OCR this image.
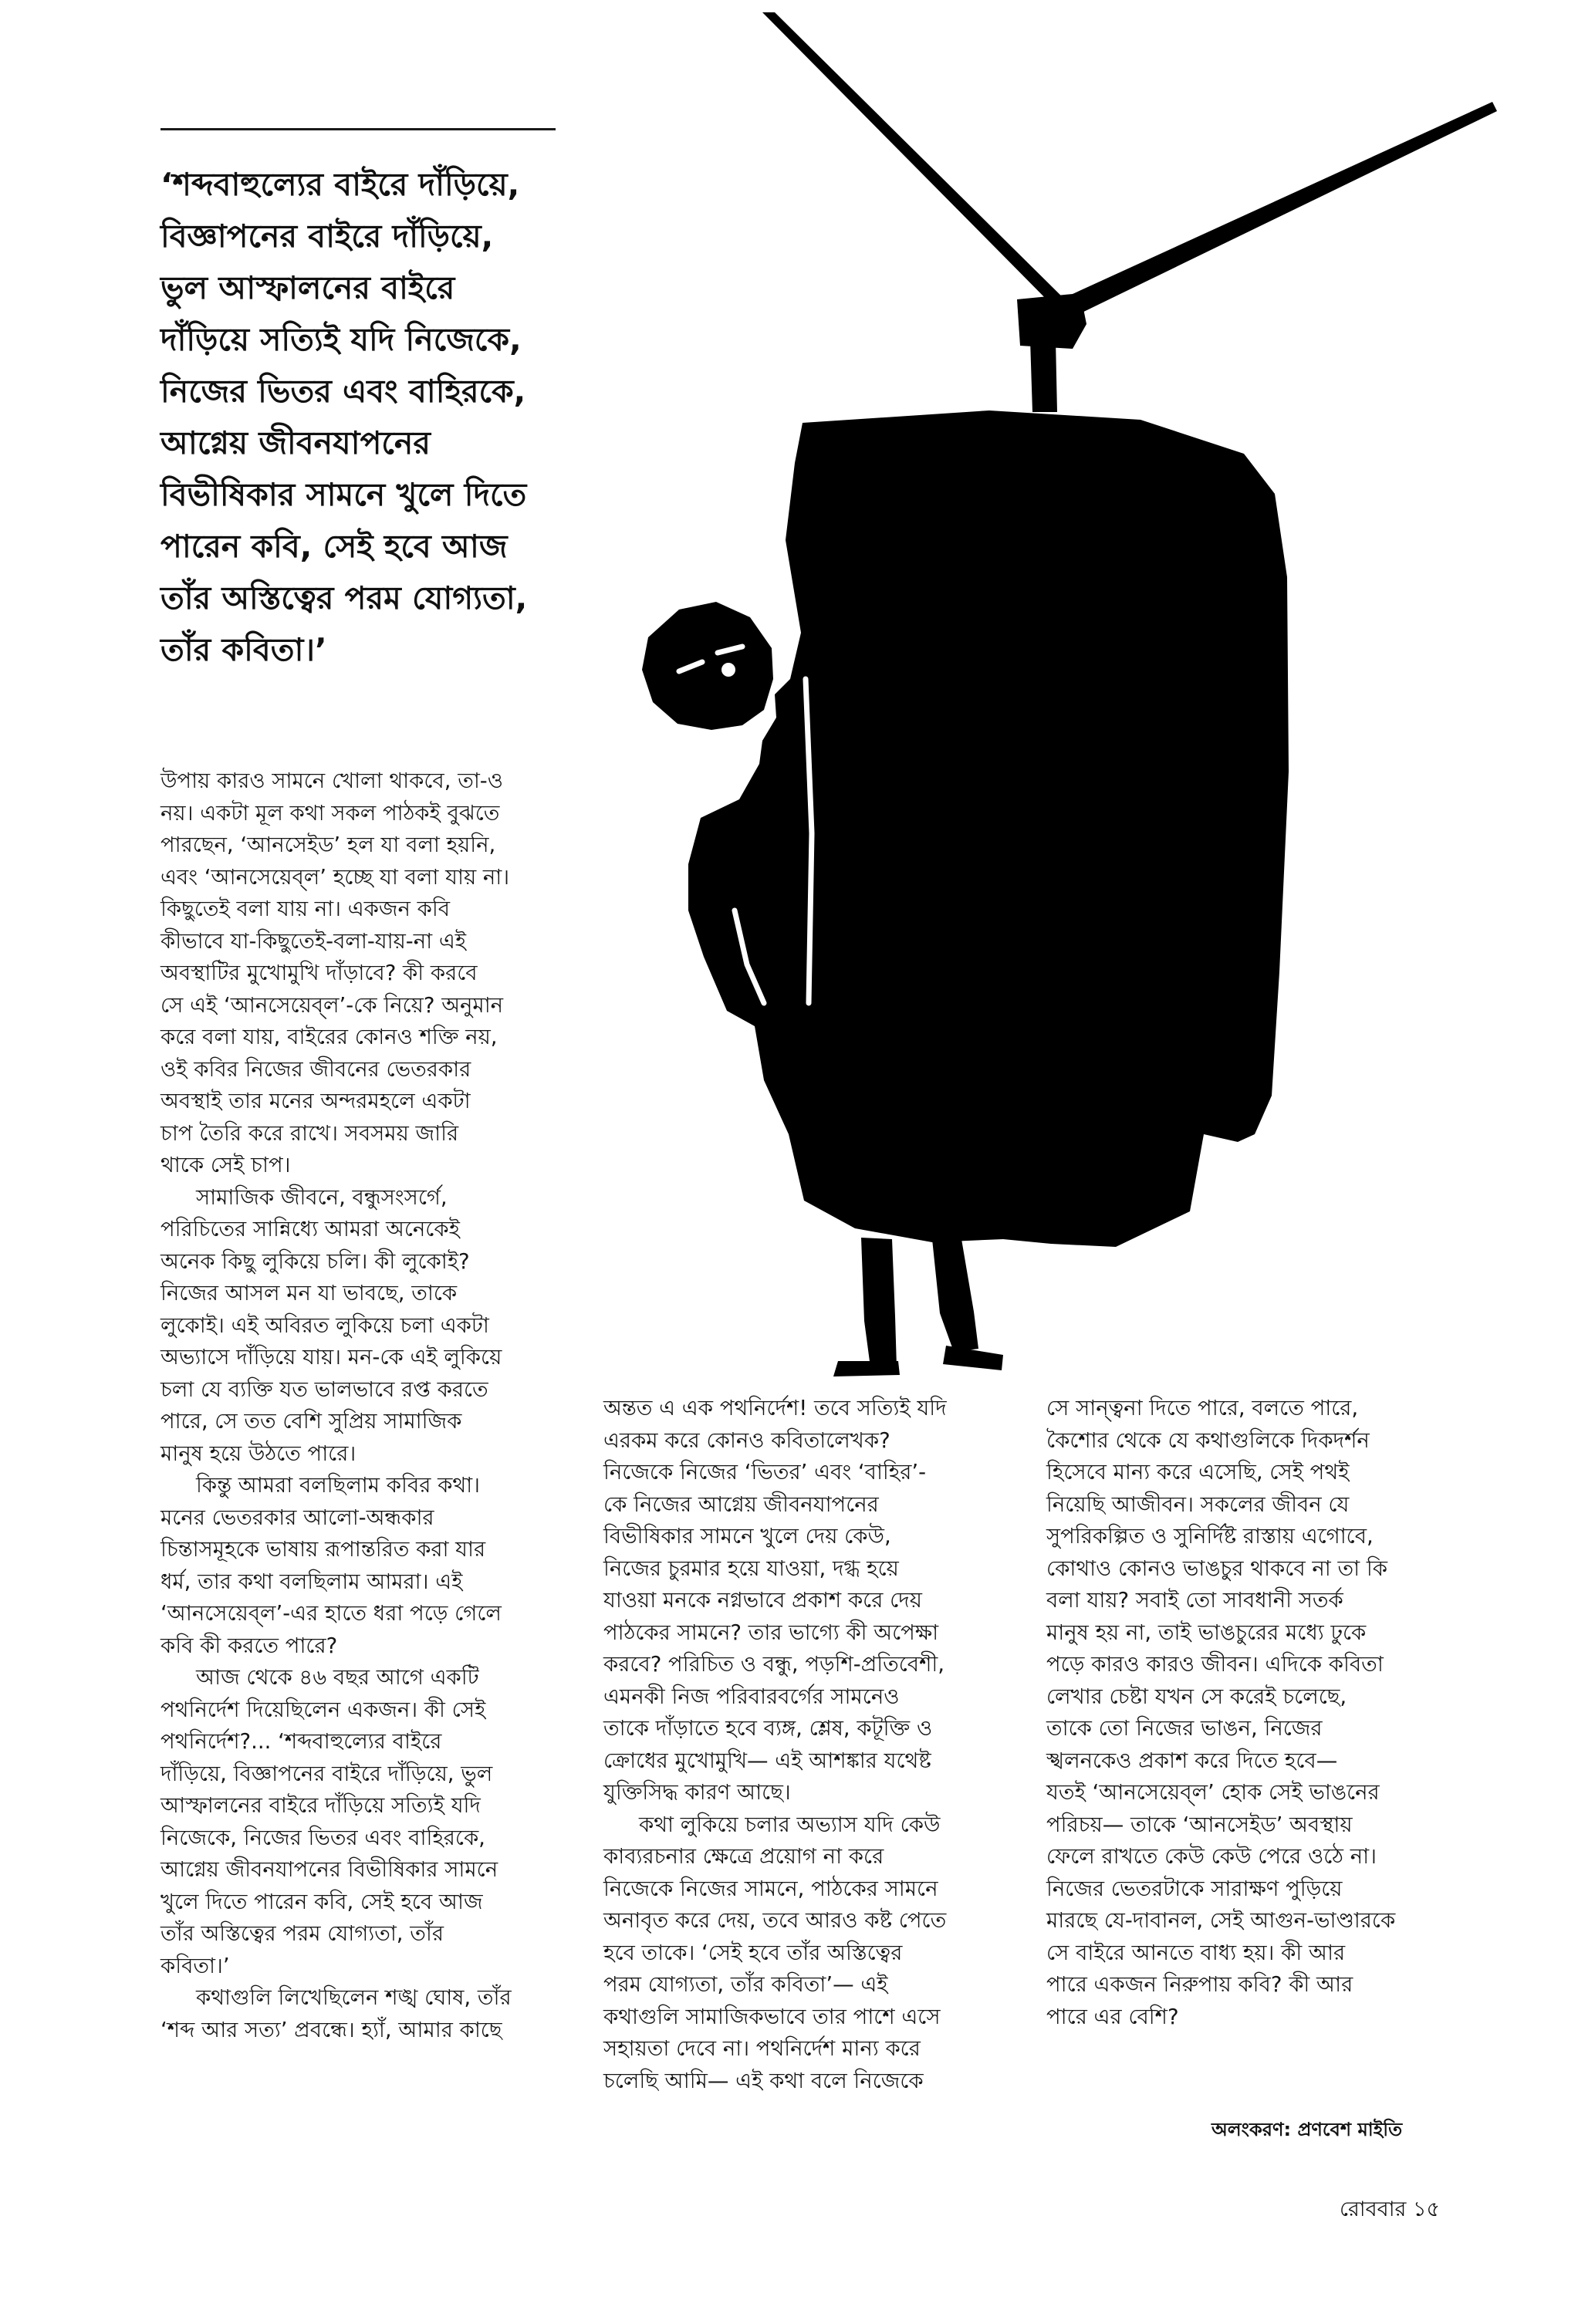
‘শব্দবাহুল্যের বাইরে দাঁড়িয়ে,
বিজ্ঞাপনের বাইরে দাঁড়িয়ে,
ভুল আস্ফালনের বাইরে
দাঁড়িয়ে সত্যিই যদি নিজেকে,
নিজের ভিতর এবং বাহিরকে,
আগ্নেয় জীবনযাপনের
বিভীষিকার সামনে খুলে দিতে
পারেন কবি, সেই হবে আজ
তাঁর অস্তিত্বের পরম যোগ্যতা,
তাঁর কবিতা।’
উপায় কারও সামনে খোলা থাকবে, তা-ও
নয়। একটা মূল কথা সকল পাঠকই বুঝতে
পারছেন, ‘আনসেইড’ হল যা বলা হয়নি,
এবং ‘আনসেয়েব্‌ল’ হচ্ছে যা বলা যায় না।
কিছুতেই বলা যায় না। একজন কবি
কীভাবে যা-কিছুতেই-বলা-যায়-না এই
অবস্থাটির মুখোমুখি দাঁড়াবে? কী করবে
সে এই ‘আনসেয়েব্‌ল’-কে নিয়ে? অনুমান
করে বলা যায়, বাইরের কোনও শক্তি নয়,
ওই কবির নিজের জীবনের ভেতরকার
অবস্থাই তার মনের অন্দরমহলে একটা
চাপ তৈরি করে রাখে। সবসময় জারি
থাকে সেই চাপ।
সামাজিক জীবনে, বন্ধুসংসর্গে,
পরিচিতের সান্নিধ্যে আমরা অনেকেই
অনেক কিছু লুকিয়ে চলি। কী লুকোই?
নিজের আসল মন যা ভাবছে, তাকে
লুকোই। এই অবিরত লুকিয়ে চলা একটা
অভ্যাসে দাঁড়িয়ে যায়। মন-কে এই লুকিয়ে
চলা যে ব্যক্তি যত ভালভাবে রপ্ত করতে
পারে, সে তত বেশি সুপ্রিয় সামাজিক
মানুষ হয়ে উঠতে পারে।
কিন্তু আমরা বলছিলাম কবির কথা।
মনের ভেতরকার আলো-অন্ধকার
চিন্তাসমূহকে ভাষায় রূপান্তরিত করা যার
ধর্ম, তার কথা বলছিলাম আমরা। এই
‘আনসেয়েব্‌ল’-এর হাতে ধরা পড়ে গেলে
কবি কী করতে পারে?
আজ থেকে ৪৬ বছর আগে একটি
পথনির্দেশ দিয়েছিলেন একজন। কী সেই
পথনির্দেশ?... ‘শব্দবাহুল্যের বাইরে
দাঁড়িয়ে, বিজ্ঞাপনের বাইরে দাঁড়িয়ে, ভুল
আস্ফালনের বাইরে দাঁড়িয়ে সত্যিই যদি
নিজেকে, নিজের ভিতর এবং বাহিরকে,
আগ্নেয় জীবনযাপনের বিভীষিকার সামনে
খুলে দিতে পারেন কবি, সেই হবে আজ
তাঁর অস্তিত্বের পরম যোগ্যতা, তাঁর
কবিতা।’
কথাগুলি লিখেছিলেন শঙ্খ ঘোষ, তাঁর
‘শব্দ আর সত্য’ প্রবন্ধে। হ্যাঁ, আমার কাছে
অন্তত এ এক পথনির্দেশ! তবে সত্যিই যদি
এরকম করে কোনও কবিতালেখক?
নিজেকে নিজের ‘ভিতর’ এবং ‘বাহির’-
কে নিজের আগ্নেয় জীবনযাপনের
বিভীষিকার সামনে খুলে দেয় কেউ,
নিজের চুরমার হয়ে যাওয়া, দগ্ধ হয়ে
যাওয়া মনকে নগ্নভাবে প্রকাশ করে দেয়
পাঠকের সামনে? তার ভাগ্যে কী অপেক্ষা
করবে? পরিচিত ও বন্ধু, পড়শি-প্রতিবেশী,
এমনকী নিজ পরিবারবর্গের সামনেও
তাকে দাঁড়াতে হবে ব্যঙ্গ, শ্লেষ, কটূক্তি ও
ক্রোধের মুখোমুখি— এই আশঙ্কার যথেষ্ট
যুক্তিসিদ্ধ কারণ আছে।
কথা লুকিয়ে চলার অভ্যাস যদি কেউ
কাব্যরচনার ক্ষেত্রে প্রয়োগ না করে
নিজেকে নিজের সামনে, পাঠকের সামনে
অনাবৃত করে দেয়, তবে আরও কষ্ট পেতে
হবে তাকে। ‘সেই হবে তাঁর অস্তিত্বের
পরম যোগ্যতা, তাঁর কবিতা’— এই
কথাগুলি সামাজিকভাবে তার পাশে এসে
সহায়তা দেবে না। পথনির্দেশ মান্য করে
চলেছি আমি— এই কথা বলে নিজেকে
সে সান্ত্বনা দিতে পারে, বলতে পারে,
কৈশোর থেকে যে কথাগুলিকে দিকদর্শন
হিসেবে মান্য করে এসেছি, সেই পথই
নিয়েছি আজীবন। সকলের জীবন যে
সুপরিকল্পিত ও সুনির্দিষ্ট রাস্তায় এগোবে,
কোথাও কোনও ভাঙচুর থাকবে না তা কি
বলা যায়? সবাই তো সাবধানী সতর্ক
মানুষ হয় না, তাই ভাঙচুরের মধ্যে ঢুকে
পড়ে কারও কারও জীবন। এদিকে কবিতা
লেখার চেষ্টা যখন সে করেই চলেছে,
তাকে তো নিজের ভাঙন, নিজের
স্খলনকেও প্রকাশ করে দিতে হবে—
যতই ‘আনসেয়েব্‌ল’ হোক সেই ভাঙনের
পরিচয়— তাকে ‘আনসেইড’ অবস্থায়
ফেলে রাখতে কেউ কেউ পেরে ওঠে না।
নিজের ভেতরটাকে সারাক্ষণ পুড়িয়ে
মারছে যে-দাবানল, সেই আগুন-ভাণ্ডারকে
সে বাইরে আনতে বাধ্য হয়। কী আর
পারে একজন নিরুপায় কবি? কী আর
পারে এর বেশি?
অলংকরণ: প্রণবেশ মাইতি
রোববার ১৫
